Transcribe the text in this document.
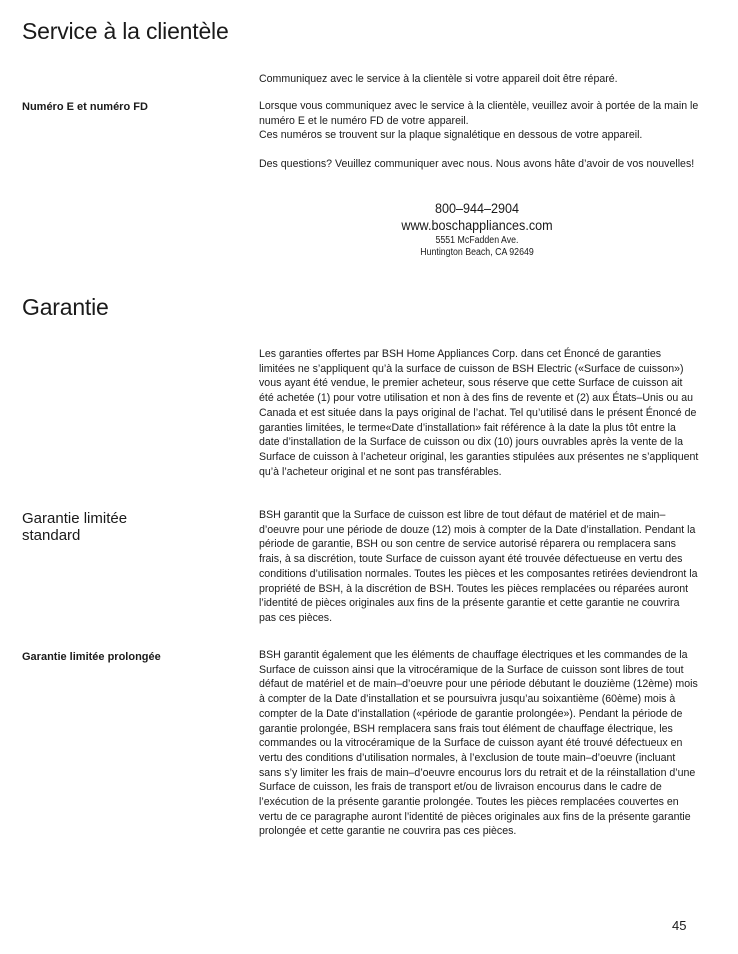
Service à la clientèle

Communiquez avec le service à la clientèle si votre appareil doit être réparé.

Numéro E et numéro FD	Lorsque vous communiquez avec le service à la clientèle, veuillez avoir à portée de la main le numéro E et le numéro FD de votre appareil.
Ces numéros se trouvent sur la plaque signalétique en dessous de votre appareil.

Des questions? Veuillez communiquer avec nous. Nous avons hâte d’avoir de vos nouvelles!

800–944–2904
www.boschappliances.com
5551 McFadden Ave.
Huntington Beach, CA 92649
Garantie

Les garanties offertes par BSH Home Appliances Corp. dans cet Énoncé de garanties limitées ne s’appliquent qu’à la surface de cuisson de BSH Electric («Surface de cuisson») vous ayant été vendue, le premier acheteur, sous réserve que cette Surface de cuisson ait été achetée (1) pour votre utilisation et non à des fins de revente et (2) aux États–Unis ou au Canada et est située dans la pays original de l’achat. Tel qu’utilisé dans le présent Énoncé de garanties limitées, le terme«Date d’installation» fait référence à la date la plus tôt entre la date d’installation de la Surface de cuisson ou dix (10) jours ouvrables après la vente de la Surface de cuisson à l’acheteur original, les garanties stipulées aux présentes ne s’appliquent qu’à l’acheteur original et ne sont pas transférables.

Garantie limitée
standard

BSH garantit que la Surface de cuisson est libre de tout défaut de matériel et de main–d’oeuvre pour une période de douze (12) mois à compter de la Date d’installation. Pendant la période de garantie, BSH ou son centre de service autorisé réparera ou remplacera sans frais, à sa discrétion, toute Surface de cuisson ayant été trouvée défectueuse en vertu des conditions d’utilisation normales. Toutes les pièces et les composantes retirées deviendront la propriété de BSH, à la discrétion de BSH. Toutes les pièces remplacées ou réparées auront l’identité de pièces originales aux fins de la présente garantie et cette garantie ne couvrira pas ces pièces.

Garantie limitée prolongée	BSH garantit également que les éléments de chauffage électriques et les commandes de la Surface de cuisson ainsi que la vitrocéramique de la Surface de cuisson sont libres de tout défaut de matériel et de main–d’oeuvre pour une période débutant le douzième (12ème) mois à compter de la Date d’installation et se poursuivra jusqu’au soixantième (60ème) mois à compter de la Date d’installation («période de garantie prolongée»). Pendant la période de garantie prolongée, BSH remplacera sans frais tout élément de chauffage électrique, les commandes ou la vitrocéramique de la Surface de cuisson ayant été trouvé défectueux en vertu des conditions d’utilisation normales, à l’exclusion de toute main–d’oeuvre (incluant sans s’y limiter les frais de main–d’oeuvre encourus lors du retrait et de la réinstallation d’une Surface de cuisson, les frais de transport et/ou de livraison encourus dans le cadre de l’exécution de la présente garantie prolongée. Toutes les pièces remplacées couvertes en vertu de ce paragraphe auront l’identité de pièces originales aux fins de la présente garantie prolongée et cette garantie ne couvrira pas ces pièces.

45
